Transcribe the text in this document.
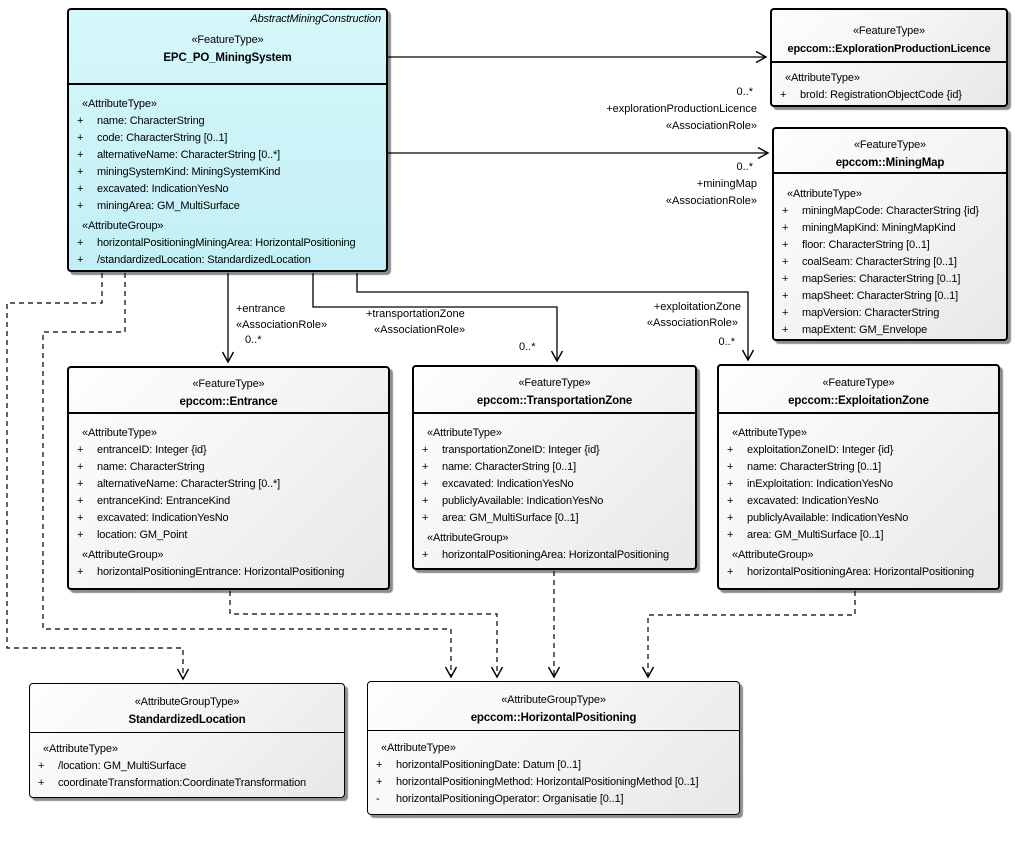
AbstractMiningConstruction
«FeatureType»
EPC_PO_MiningSystem
«AttributeType»
+ name: CharacterString
+ code: CharacterString [0..1]
+ alternativeName: CharacterString [0..*]
+ miningSystemKind: MiningSystemKind
+ excavated: IndicationYesNo
+ miningArea: GM_MultiSurface
«AttributeGroup»
+ horizontalPositioningMiningArea: HorizontalPositioning
+ /standardizedLocation: StandardizedLocation
«FeatureType»
epccom::ExplorationProductionLicence
«AttributeType»
+ broId: RegistrationObjectCode {id}
«FeatureType»
epccom::MiningMap
«AttributeType»
+ miningMapCode: CharacterString {id}
+ miningMapKind: MiningMapKind
+ floor: CharacterString [0..1]
+ coalSeam: CharacterString [0..1]
+ mapSeries: CharacterString [0..1]
+ mapSheet: CharacterString [0..1]
+ mapVersion: CharacterString
+ mapExtent: GM_Envelope
«FeatureType»
epccom::Entrance
«AttributeType»
+ entranceID: Integer {id}
+ name: CharacterString
+ alternativeName: CharacterString [0..*]
+ entranceKind: EntranceKind
+ excavated: IndicationYesNo
+ location: GM_Point
«AttributeGroup»
+ horizontalPositioningEntrance: HorizontalPositioning
«FeatureType»
epccom::TransportationZone
«AttributeType»
+ transportationZoneID: Integer {id}
+ name: CharacterString [0..1]
+ excavated: IndicationYesNo
+ publiclyAvailable: IndicationYesNo
+ area: GM_MultiSurface [0..1]
«AttributeGroup»
+ horizontalPositioningArea: HorizontalPositioning
«FeatureType»
epccom::ExploitationZone
«AttributeType»
+ exploitationZoneID: Integer {id}
+ name: CharacterString [0..1]
+ inExploitation: IndicationYesNo
+ excavated: IndicationYesNo
+ publiclyAvailable: IndicationYesNo
+ area: GM_MultiSurface [0..1]
«AttributeGroup»
+ horizontalPositioningArea: HorizontalPositioning
«AttributeGroupType»
StandardizedLocation
«AttributeType»
+ /location: GM_MultiSurface
+ coordinateTransformation:CoordinateTransformation
«AttributeGroupType»
epccom::HorizontalPositioning
«AttributeType»
+ horizontalPositioningDate: Datum [0..1]
+ horizontalPositioningMethod: HorizontalPositioningMethod [0..1]
- horizontalPositioningOperator: Organisatie [0..1]
0..*
+explorationProductionLicence
«AssociationRole»
0..*
+miningMap
«AssociationRole»
+entrance
«AssociationRole»
0..*
+transportationZone
«AssociationRole»
0..*
+exploitationZone
«AssociationRole»
0..*
